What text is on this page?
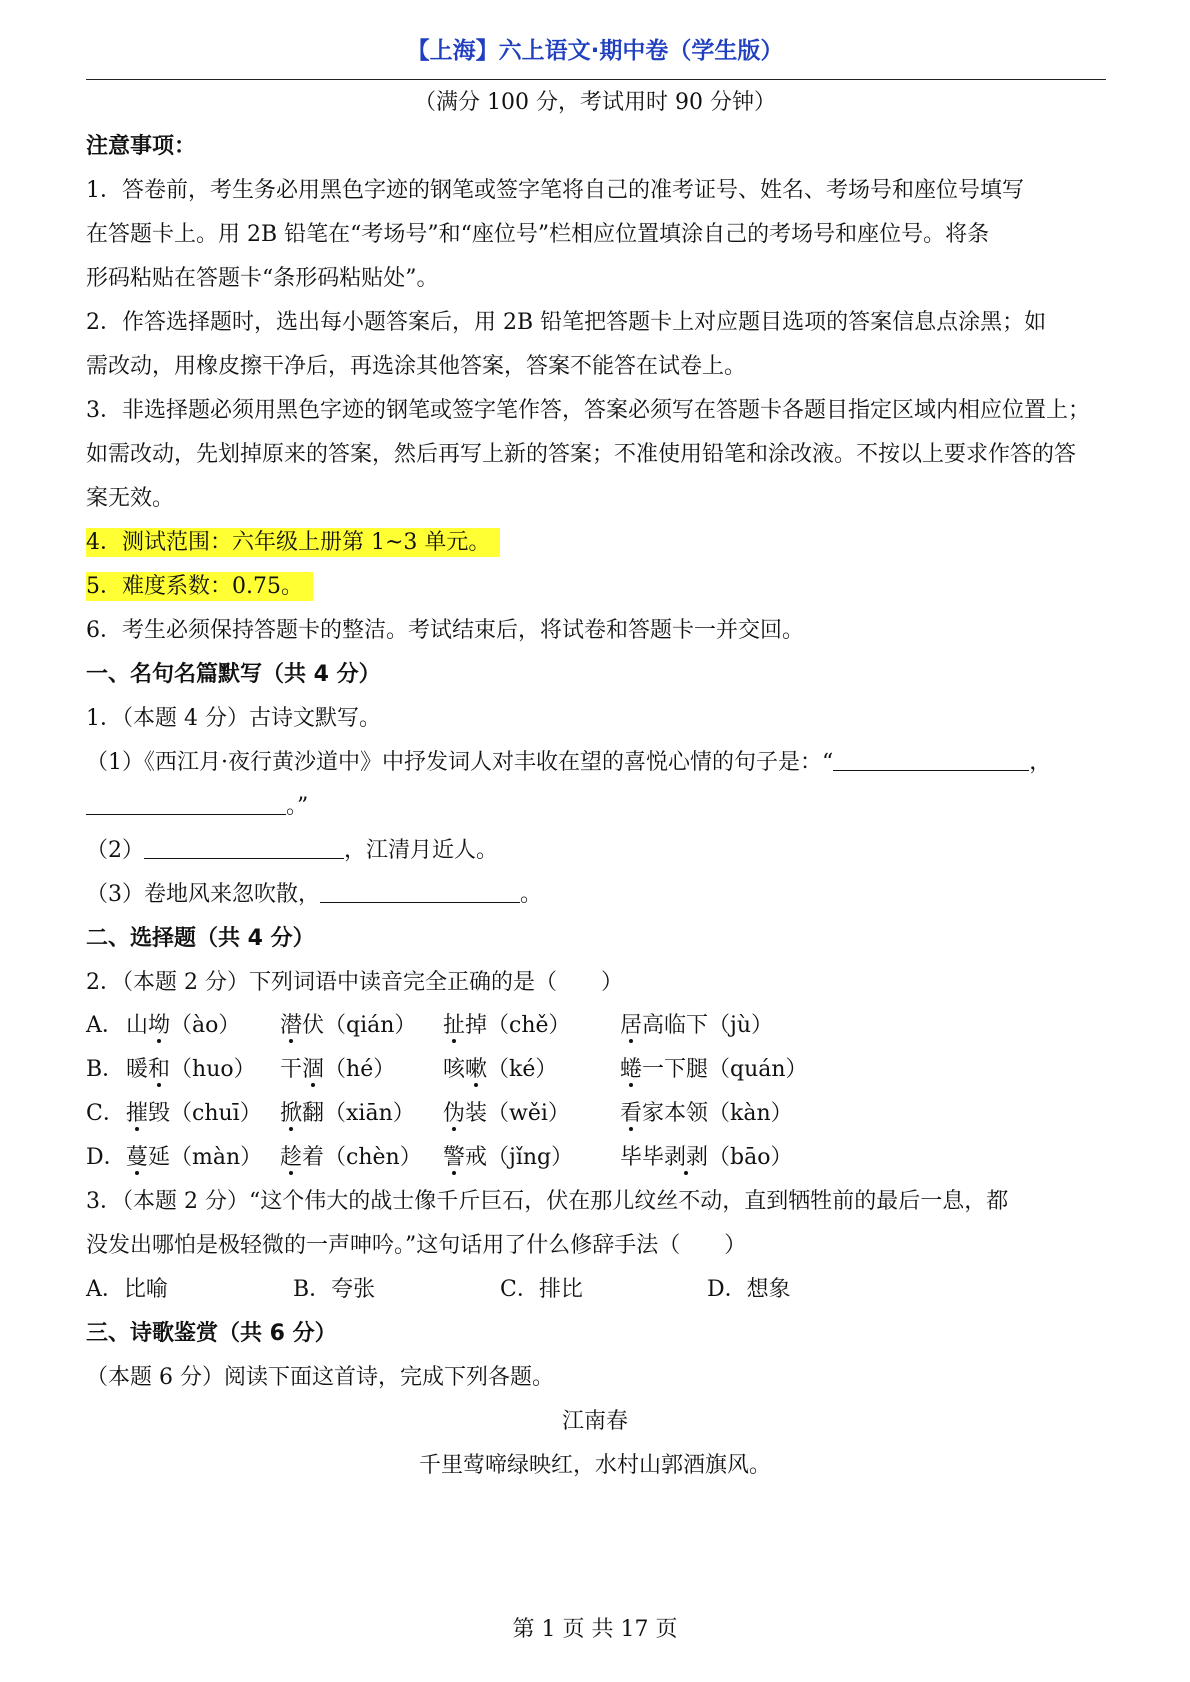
【上海】六上语文·期中卷（学生版）
（满分 100 分，考试用时 90 分钟）
注意事项：
1．答卷前，考生务必用黑色字迹的钢笔或签字笔将自己的准考证号、姓名、考场号和座位号填写
在答题卡上。用 2B 铅笔在“考场号”和“座位号”栏相应位置填涂自己的考场号和座位号。将条
形码粘贴在答题卡“条形码粘贴处”。
2．作答选择题时，选出每小题答案后，用 2B 铅笔把答题卡上对应题目选项的答案信息点涂黑；如
需改动，用橡皮擦干净后，再选涂其他答案，答案不能答在试卷上。
3．非选择题必须用黑色字迹的钢笔或签字笔作答，答案必须写在答题卡各题目指定区域内相应位置上；
如需改动，先划掉原来的答案，然后再写上新的答案；不准使用铅笔和涂改液。不按以上要求作答的答
案无效。
4．测试范围：六年级上册第 1~3 单元。
5．难度系数：0.75。
6．考生必须保持答题卡的整洁。考试结束后，将试卷和答题卡一并交回。
一、名句名篇默写（共 4 分）
1．（本题 4 分）古诗文默写。
（1）《西江月·夜行黄沙道中》中抒发词人对丰收在望的喜悦心情的句子是：“	，
。”
（2）	，江清月近人。
（3）卷地风来忽吹散，	。
二、选择题（共 4 分）
2．（本题 2 分）下列词语中读音完全正确的是（　　）
A． 山坳（ào） 潜伏（qián） 扯掉（chě） 居高临下（jù）
B． 暖和（huo） 干涸（hé） 咳嗽（ké）	蜷一下腿（quán）
C． 摧毁（chuī） 掀翻（xiān） 伪装（wěi） 看家本领（kàn）
D． 蔓延（màn） 趁着（chèn） 警戒（jǐng） 毕毕剥剥（bāo）
3．（本题 2 分）“这个伟大的战士像千斤巨石，伏在那儿纹丝不动，直到牺牲前的最后一息，都
没发出哪怕是极轻微的一声呻吟。”这句话用了什么修辞手法（　　）
A．比喻	B．夸张	C．排比	D．想象
三、诗歌鉴赏（共 6 分）
（本题 6 分）阅读下面这首诗，完成下列各题。
江南春
千里莺啼绿映红，水村山郭酒旗风。
第 1 页 共 17 页
